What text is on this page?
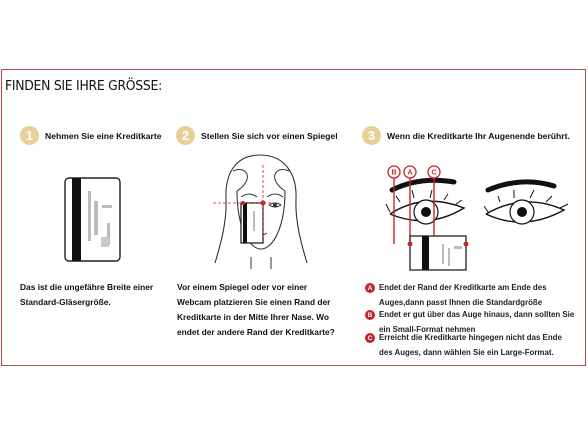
FINDEN SIE IHRE GRÖSSE:
1	Nehmen Sie eine Kreditkarte	2	Stellen Sie sich vor einen Spiegel	3	Wenn die Kreditkarte Ihr Augenende berührt.
B A	C
Das ist die ungefähre Breite einer
Standard-Gläsergröße.
Vor einem Spiegel oder vor einer
Webcam platzieren Sie einen Rand der
Kreditkarte in der Mitte Ihrer Nase. Wo
endet der andere Rand der Kreditkarte?
A Endet der Rand der Kreditkarte am Ende des
Auges,dann passt Ihnen die Standardgröße
B Endet er gut über das Auge hinaus, dann sollten Sie
ein Small-Format nehmen
C Erreicht die Kreditkarte hingegen nicht das Ende
des Auges, dann wählen Sie ein Large-Format.
